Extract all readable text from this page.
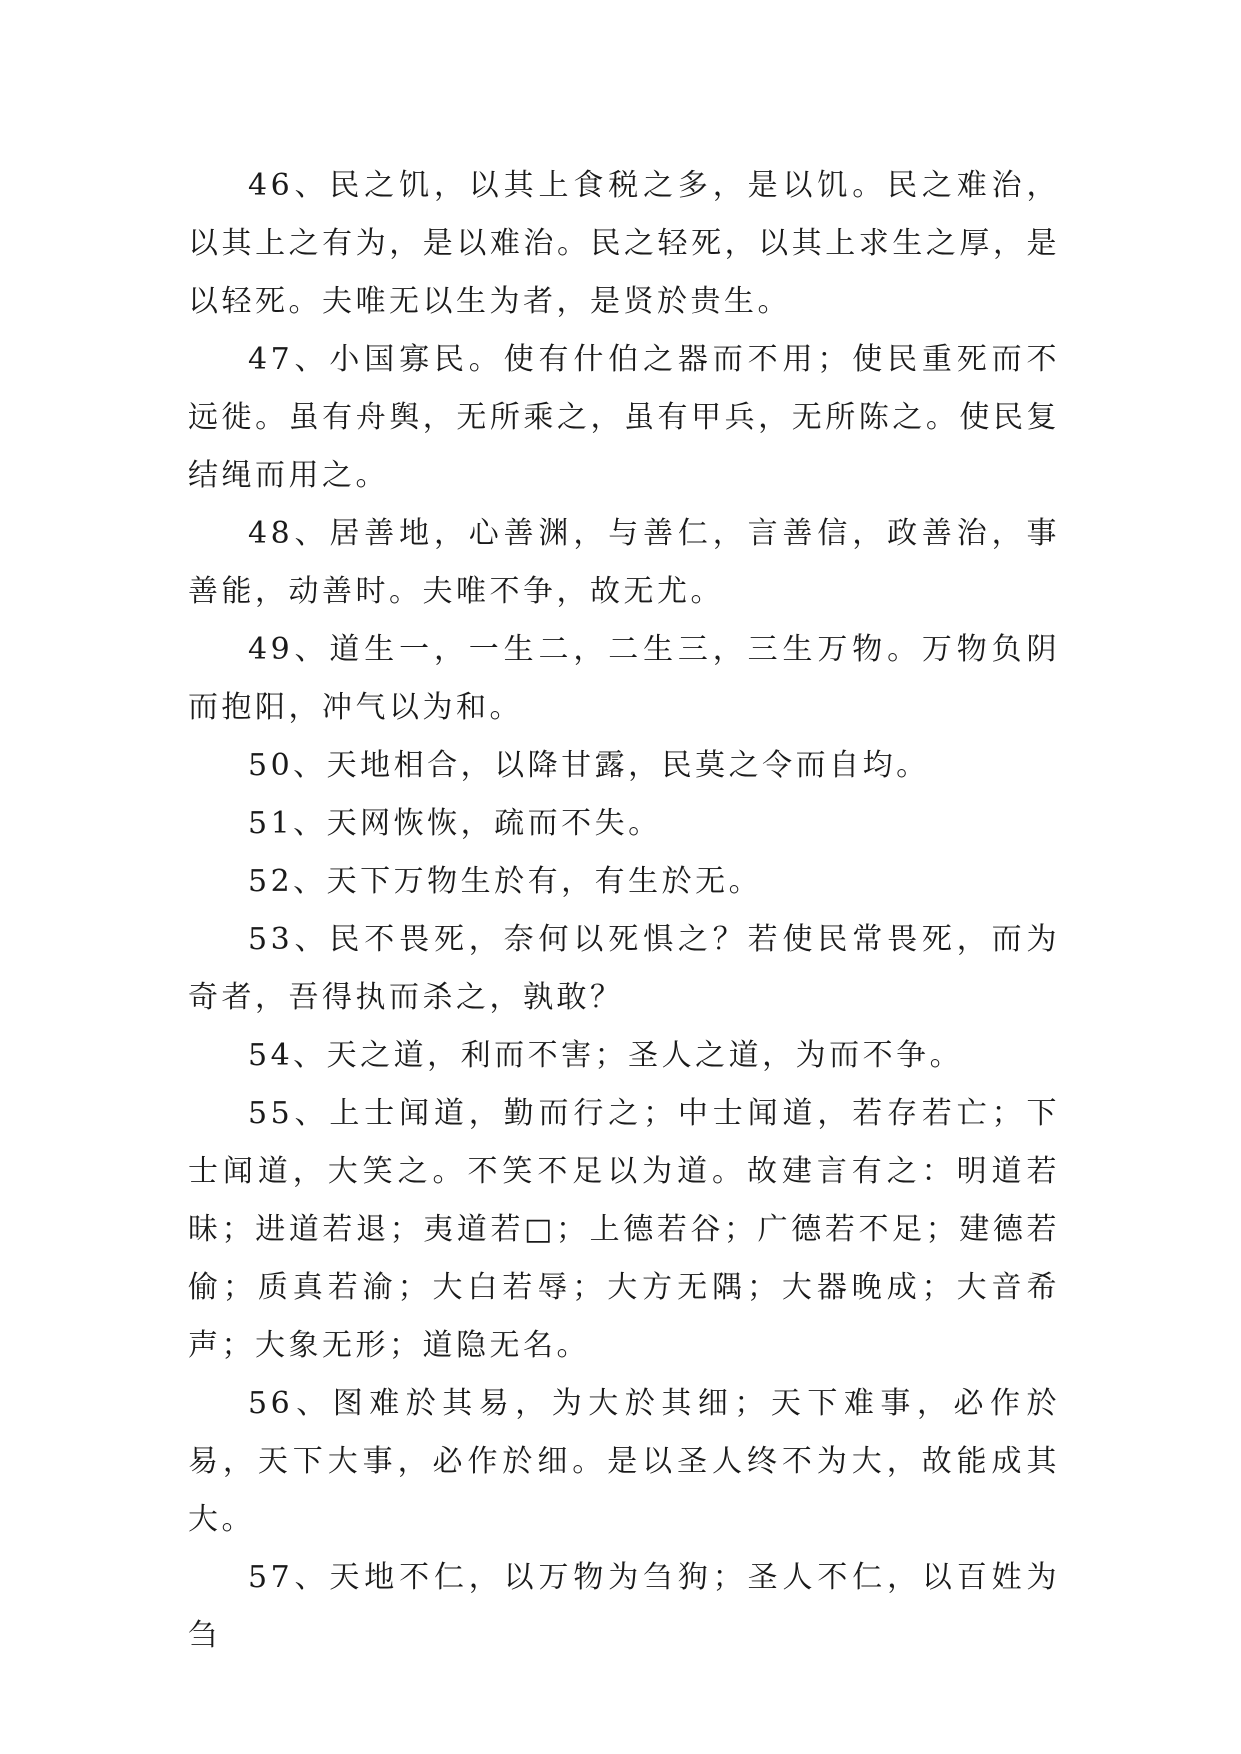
46、民之饥，以其上食税之多，是以饥。民之难治，以其上之有为，是以难治。民之轻死，以其上求生之厚，是以轻死。夫唯无以生为者，是贤於贵生。

47、小国寡民。使有什伯之器而不用；使民重死而不远徙。虽有舟舆，无所乘之，虽有甲兵，无所陈之。使民复结绳而用之。

48、居善地，心善渊，与善仁，言善信，政善治，事善能，动善时。夫唯不争，故无尤。

49、道生一，一生二，二生三，三生万物。万物负阴而抱阳，冲气以为和。

50、天地相合，以降甘露，民莫之令而自均。

51、天网恢恢，疏而不失。

52、天下万物生於有，有生於无。

53、民不畏死，奈何以死惧之？若使民常畏死，而为奇者，吾得执而杀之，孰敢？

54、天之道，利而不害；圣人之道，为而不争。

55、上士闻道，勤而行之；中士闻道，若存若亡；下士闻道，大笑之。不笑不足以为道。故建言有之：明道若昧；进道若退；夷道若□；上德若谷；广德若不足；建德若偷；质真若渝；大白若辱；大方无隅；大器晚成；大音希声；大象无形；道隐无名。

56、图难於其易，为大於其细；天下难事，必作於易，天下大事，必作於细。是以圣人终不为大，故能成其大。

57、天地不仁，以万物为刍狗；圣人不仁，以百姓为刍
